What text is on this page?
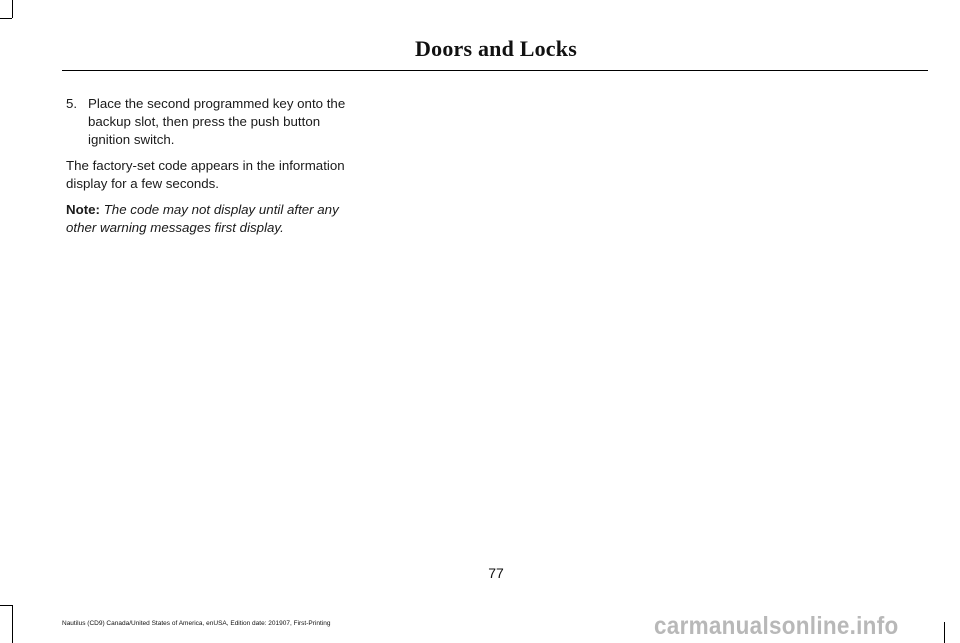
Doors and Locks
5. Place the second programmed key onto the backup slot, then press the push button ignition switch.

The factory-set code appears in the information display for a few seconds.

Note: The code may not display until after any other warning messages first display.

77
Nautilus (CD9) Canada/United States of America, enUSA, Edition date: 201907, First-Printing	carmanualsonline.info
